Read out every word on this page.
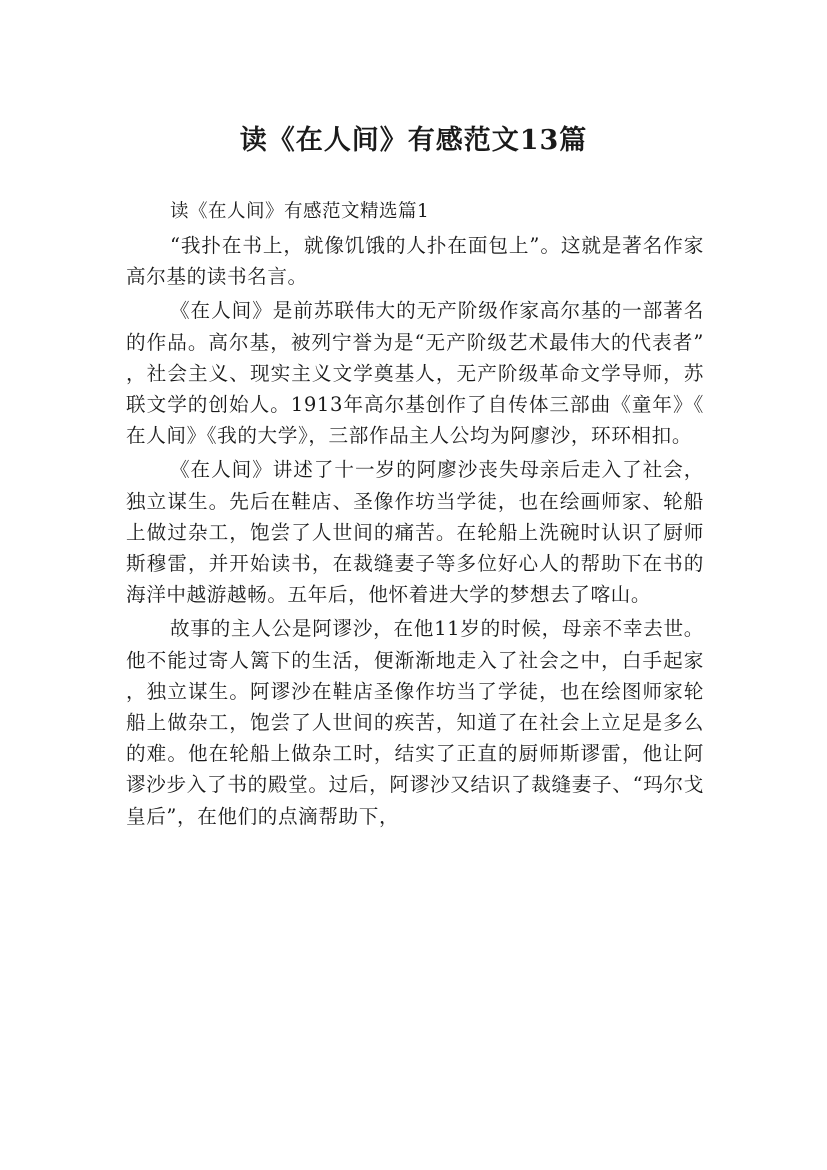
读《在人间》有感范文13篇

读《在人间》有感范文精选篇1

“我扑在书上，就像饥饿的人扑在面包上”。这就是著名作家高尔基的读书名言。

《在人间》是前苏联伟大的无产阶级作家高尔基的一部著名的作品。高尔基，被列宁誉为是“无产阶级艺术最伟大的代表者”，社会主义、现实主义文学奠基人，无产阶级革命文学导师，苏联文学的创始人。1913年高尔基创作了自传体三部曲《童年》《在人间》《我的大学》，三部作品主人公均为阿廖沙，环环相扣。

《在人间》讲述了十一岁的阿廖沙丧失母亲后走入了社会，独立谋生。先后在鞋店、圣像作坊当学徒，也在绘画师家、轮船上做过杂工，饱尝了人世间的痛苦。在轮船上洗碗时认识了厨师斯穆雷，并开始读书，在裁缝妻子等多位好心人的帮助下在书的海洋中越游越畅。五年后，他怀着进大学的梦想去了喀山。

故事的主人公是阿谬沙，在他11岁的时候，母亲不幸去世。他不能过寄人篱下的生活，便渐渐地走入了社会之中，白手起家，独立谋生。阿谬沙在鞋店圣像作坊当了学徒，也在绘图师家轮船上做杂工，饱尝了人世间的疾苦，知道了在社会上立足是多么的难。他在轮船上做杂工时，结实了正直的厨师斯谬雷，他让阿谬沙步入了书的殿堂。过后，阿谬沙又结识了裁缝妻子、“玛尔戈皇后”，在他们的点滴帮助下，
